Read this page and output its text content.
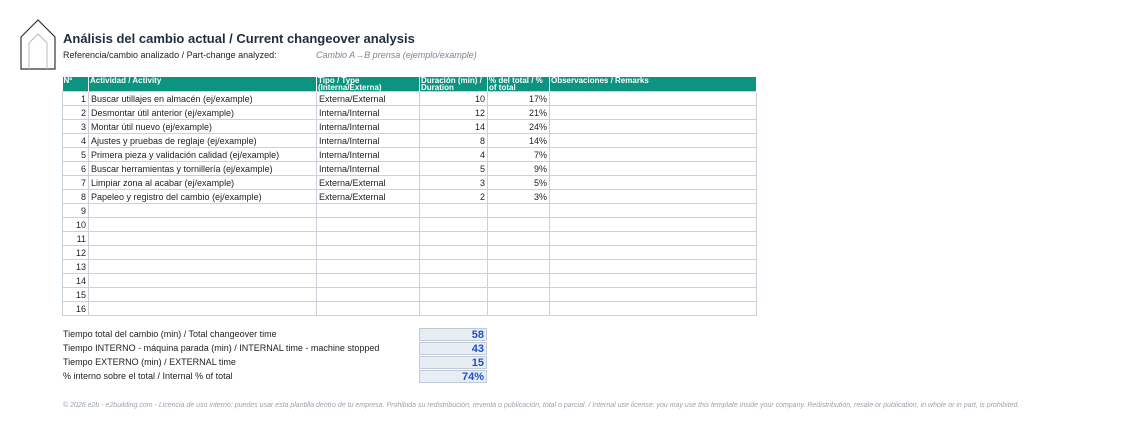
Análisis del cambio actual / Current changeover analysis
Referencia/cambio analizado / Part-change analyzed:	Cambio A→B prensa (ejemplo/example)
Nº	Actividad / Activity	Tipo / Type (Interna/Externa)	Duración (min) / Duration	% del total / % of total	Observaciones / Remarks
1	Buscar utillajes en almacén (ej/example)	Externa/External	10	17%	
2	Desmontar útil anterior (ej/example)	Interna/Internal	12	21%	
3	Montar útil nuevo (ej/example)	Interna/Internal	14	24%	
4	Ajustes y pruebas de reglaje (ej/example)	Interna/Internal	8	14%	
5	Primera pieza y validación calidad (ej/example)	Interna/Internal	4	7%	
6	Buscar herramientas y tornillería (ej/example)	Interna/Internal	5	9%	
7	Limpiar zona al acabar (ej/example)	Externa/External	3	5%	
8	Papeleo y registro del cambio (ej/example)	Externa/External	2	3%	
9					
10					
11					
12					
13					
14					
15					
16					
Tiempo total del cambio (min) / Total changeover time	58
Tiempo INTERNO - máquina parada (min) / INTERNAL time - machine stopped	43
Tiempo EXTERNO (min) / EXTERNAL time	15
% interno sobre el total / Internal % of total	74%
© 2026 e2b - e2building.com - Licencia de uso interno: puedes usar esta plantilla dentro de tu empresa. Prohibida su redistribución, reventa o publicación, total o parcial. / Internal use license: you may use this template inside your company. Redistribution, resale or publication, in whole or in part, is prohibited.
